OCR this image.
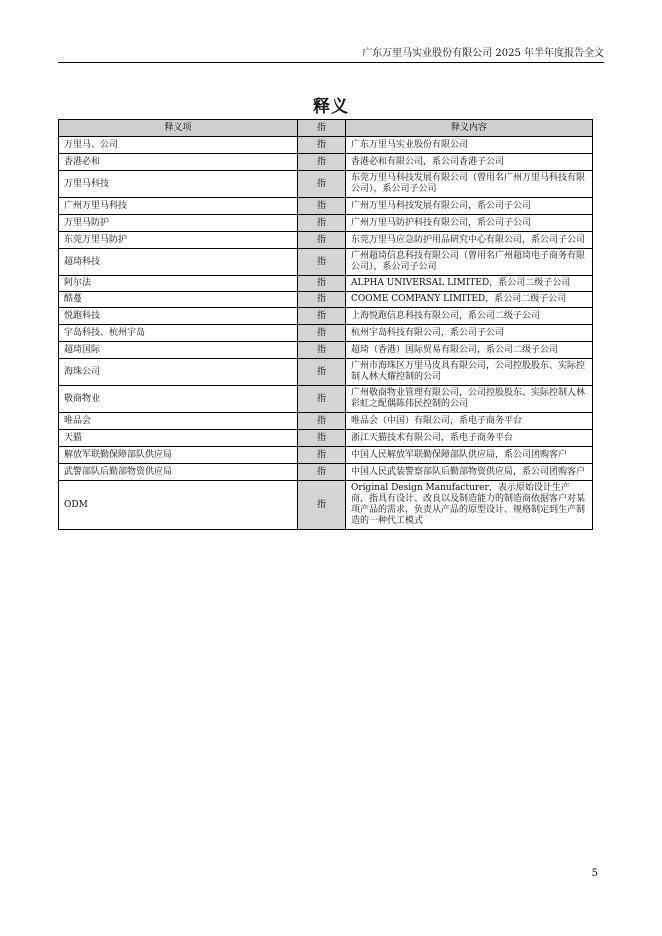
广东万里马实业股份有限公司 2025 年半年度报告全文
释义
释义项	指	释义内容
万里马、公司	指	广东万里马实业股份有限公司
香港必和	指	香港必和有限公司，系公司香港子公司
万里马科技	指	东莞万里马科技发展有限公司（曾用名广州万里马科技有限公司），系公司子公司
广州万里马科技	指	广州万里马科技发展有限公司，系公司子公司
万里马防护	指	广州万里马防护科技有限公司，系公司子公司
东莞万里马防护	指	东莞万里马应急防护用品研究中心有限公司，系公司子公司
超琦科技	指	广州超琦信息科技有限公司（曾用名广州超琦电子商务有限公司），系公司子公司
阿尔法	指	ALPHA UNIVERSAL LIMITED，系公司二级子公司
酷蔓	指	COOME COMPANY LIMITED，系公司二级子公司
悦跑科技	指	上海悦跑信息科技有限公司，系公司二级子公司
宇岛科技、杭州宇岛	指	杭州宇岛科技有限公司，系公司子公司
超琦国际	指	超琦（香港）国际贸易有限公司，系公司二级子公司
海珠公司	指	广州市海珠区万里马皮具有限公司，公司控股股东、实际控制人林大耀控制的公司
敬商物业	指	广州敬商物业管理有限公司，公司控股股东、实际控制人林彩虹之配偶陈伟民控制的公司
唯品会	指	唯品会（中国）有限公司，系电子商务平台
天猫	指	浙江天猫技术有限公司，系电子商务平台
解放军联勤保障部队供应局	指	中国人民解放军联勤保障部队供应局，系公司团购客户
武警部队后勤部物资供应局	指	中国人民武装警察部队后勤部物资供应局，系公司团购客户
ODM	指	Original Design Manufacturer，表示原始设计生产商，指具有设计、改良以及制造能力的制造商依据客户对某项产品的需求，负责从产品的原型设计、规格制定到生产制造的一种代工模式
5
